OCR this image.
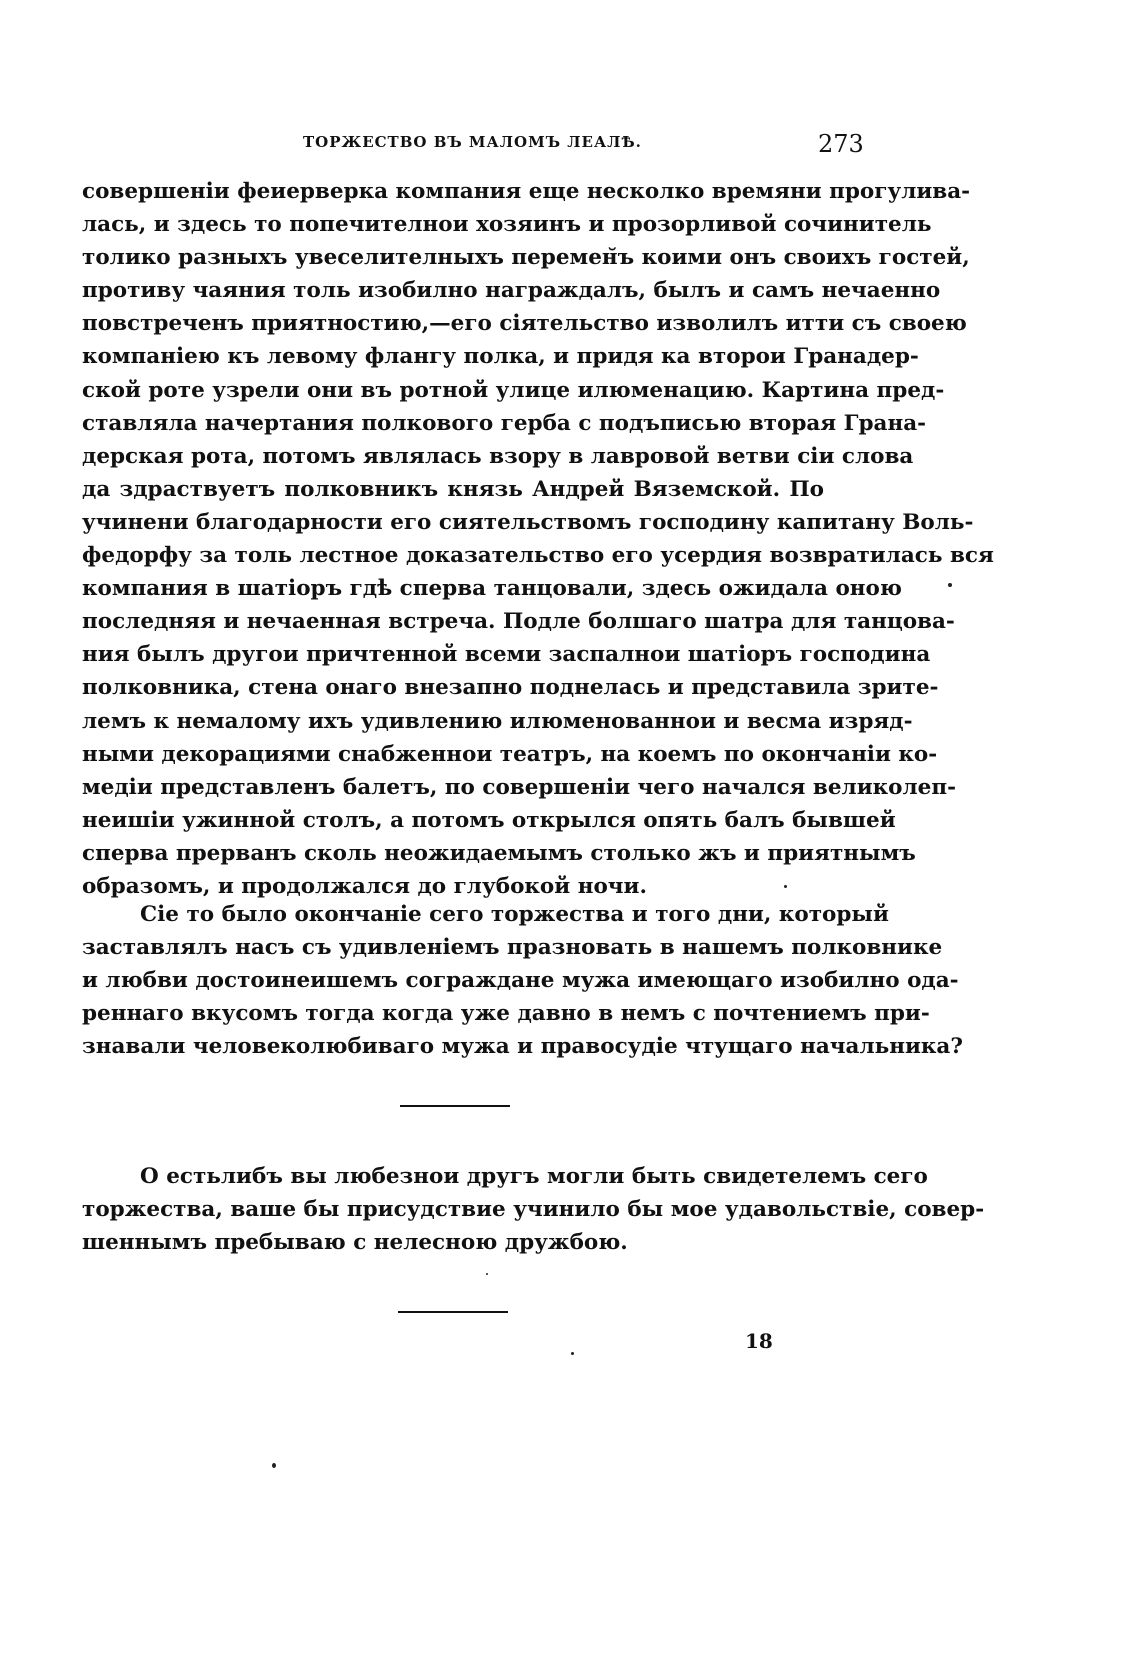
ТОРЖЕСТВО ВЪ МАЛОМЪ ЛЕАЛѢ.	273
совершеніи феиерверка компания еще несколко времяни прогулива-
лась, и здесь то попечителнои хозяинъ и прозорливой сочинитель
толико разныхъ увеселителныхъ перемен̆ъ коими онъ своихъ гостей,
противу чаяния толь изобилно награждалъ, былъ и самъ нечаенно
повстреченъ приятностию,—его сіятельство изволилъ итти съ своею
компаніею къ левому флангу полка, и придя ка второи Гранадер-
ской роте узрели они въ ротной улице илюменацию. Картина пред-
ставляла начертания полкового герба с подъписью вторая Грана-
дерская рота, потомъ являлась взору в лавровой ветви сіи слова
да здраствуетъ полковникъ князь Андрей Вяземской. По
учинени благодарности его сиятельствомъ господину капитану Воль-
федорфу за толь лестное доказательство его усердия возвратилась вся
компания в шатіоръ гдѣ сперва танцовали, здесь ожидала оною
последняя и нечаенная встреча. Подле болшаго шатра для танцова-
ния былъ другои причтенной всеми заспалнои шатіоръ господина
полковника, стена онаго внезапно поднелась и представила зрите-
лемъ к немалому ихъ удивлению илюменованнои и весма изряд-
ными декорациями снабженнои театръ, на коемъ по окончаніи ко-
медіи представленъ балетъ, по совершеніи чего начался великолеп-
неишіи ужинной столъ, а потомъ открылся опять балъ бывшей
сперва прерванъ сколь неожидаемымъ столько жъ и приятнымъ
образомъ, и продолжался до глубокой ночи.
Сіе то было окончаніе сего торжества и того дни, который
заставлялъ насъ съ удивленіемъ празновать в нашемъ полковнике
и любви достоинеишемъ сограждане мужа имеющаго изобилно ода-
реннаго вкусомъ тогда когда уже давно в немъ с почтениемъ при-
знавали человеколюбиваго мужа и правосудіе чтущаго начальника?
О естьлибъ вы любезнои другъ могли быть свидетелемъ сего
торжества, ваше бы присудствие учинило бы мое удавольствіе, совер-
шеннымъ пребываю с нелесною дружбою.
18
